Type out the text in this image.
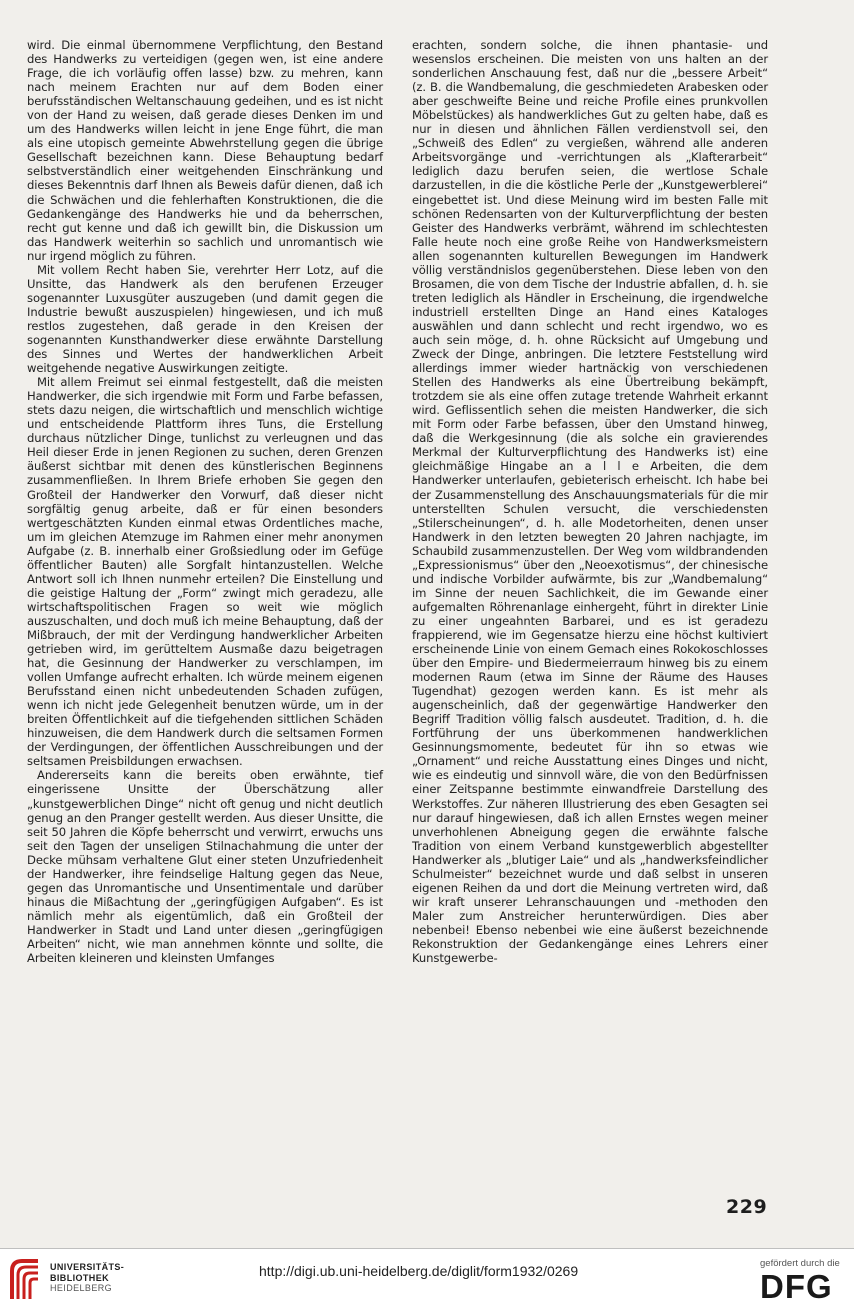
wird. Die einmal übernommene Verpflichtung, den Bestand des Handwerks zu verteidigen (gegen wen, ist eine andere Frage, die ich vorläufig offen lasse) bzw. zu mehren, kann nach meinem Erachten nur auf dem Boden einer berufsständischen Weltanschauung gedeihen, und es ist nicht von der Hand zu weisen, daß gerade dieses Denken im und um des Handwerks willen leicht in jene Enge führt, die man als eine utopisch gemeinte Abwehrstellung gegen die übrige Gesellschaft bezeichnen kann. Diese Behauptung bedarf selbstverständlich einer weitgehenden Einschränkung und dieses Bekenntnis darf Ihnen als Beweis dafür dienen, daß ich die Schwächen und die fehlerhaften Konstruktionen, die die Gedankengänge des Handwerks hie und da beherrschen, recht gut kenne und daß ich gewillt bin, die Diskussion um das Handwerk weiterhin so sachlich und unromantisch wie nur irgend möglich zu führen.

Mit vollem Recht haben Sie, verehrter Herr Lotz, auf die Unsitte, das Handwerk als den berufenen Erzeuger sogenannter Luxusgüter auszugeben (und damit gegen die Industrie bewußt auszuspielen) hingewiesen, und ich muß restlos zugestehen, daß gerade in den Kreisen der sogenannten Kunsthandwerker diese erwähnte Darstellung des Sinnes und Wertes der handwerklichen Arbeit weitgehende negative Auswirkungen zeitigte.

Mit allem Freimut sei einmal festgestellt, daß die meisten Handwerker, die sich irgendwie mit Form und Farbe befassen, stets dazu neigen, die wirtschaftlich und menschlich wichtige und entscheidende Plattform ihres Tuns, die Erstellung durchaus nützlicher Dinge, tunlichst zu verleugnen und das Heil dieser Erde in jenen Regionen zu suchen, deren Grenzen äußerst sichtbar mit denen des künstlerischen Beginnens zusammenfließen. In Ihrem Briefe erhoben Sie gegen den Großteil der Handwerker den Vorwurf, daß dieser nicht sorgfältig genug arbeite, daß er für einen besonders wertgeschätzten Kunden einmal etwas Ordentliches mache, um im gleichen Atemzuge im Rahmen einer mehr anonymen Aufgabe (z. B. innerhalb einer Großsiedlung oder im Gefüge öffentlicher Bauten) alle Sorgfalt hintanzustellen. Welche Antwort soll ich Ihnen nunmehr erteilen? Die Einstellung und die geistige Haltung der „Form“ zwingt mich geradezu, alle wirtschaftspolitischen Fragen so weit wie möglich auszuschalten, und doch muß ich meine Behauptung, daß der Mißbrauch, der mit der Verdingung handwerklicher Arbeiten getrieben wird, im gerütteltem Ausmaße dazu beigetragen hat, die Gesinnung der Handwerker zu verschlampen, im vollen Umfange aufrecht erhalten. Ich würde meinem eigenen Berufsstand einen nicht unbedeutenden Schaden zufügen, wenn ich nicht jede Gelegenheit benutzen würde, um in der breiten Öffentlichkeit auf die tiefgehenden sittlichen Schäden hinzuweisen, die dem Handwerk durch die seltsamen Formen der Verdingungen, der öffentlichen Ausschreibungen und der seltsamen Preisbildungen erwachsen.

Andererseits kann die bereits oben erwähnte, tief eingerissene Unsitte der Überschätzung aller „kunstgewerblichen Dinge“ nicht oft genug und nicht deutlich genug an den Pranger gestellt werden. Aus dieser Unsitte, die seit 50 Jahren die Köpfe beherrscht und verwirrt, erwuchs uns seit den Tagen der unseligen Stilnachahmung die unter der Decke mühsam verhaltene Glut einer steten Unzufriedenheit der Handwerker, ihre feindselige Haltung gegen das Neue, gegen das Unromantische und Unsentimentale und darüber hinaus die Mißachtung der „geringfügigen Aufgaben“. Es ist nämlich mehr als eigentümlich, daß ein Großteil der Handwerker in Stadt und Land unter diesen „geringfügigen Arbeiten“ nicht, wie man annehmen könnte und sollte, die Arbeiten kleineren und kleinsten Umfanges

erachten, sondern solche, die ihnen phantasie- und wesenslos erscheinen. Die meisten von uns halten an der sonderlichen Anschauung fest, daß nur die „bessere Arbeit“ (z. B. die Wandbemalung, die geschmiedeten Arabesken oder aber geschweifte Beine und reiche Profile eines prunkvollen Möbelstückes) als handwerkliches Gut zu gelten habe, daß es nur in diesen und ähnlichen Fällen verdienstvoll sei, den „Schweiß des Edlen“ zu vergießen, während alle anderen Arbeitsvorgänge und -verrichtungen als „Klafterarbeit“ lediglich dazu berufen seien, die wertlose Schale darzustellen, in die die köstliche Perle der „Kunstgewerblerei“ eingebettet ist. Und diese Meinung wird im besten Falle mit schönen Redensarten von der Kulturverpflichtung der besten Geister des Handwerks verbrämt, während im schlechtesten Falle heute noch eine große Reihe von Handwerksmeistern allen sogenannten kulturellen Bewegungen im Handwerk völlig verständnislos gegenüberstehen. Diese leben von den Brosamen, die von dem Tische der Industrie abfallen, d. h. sie treten lediglich als Händler in Erscheinung, die irgendwelche industriell erstellten Dinge an Hand eines Kataloges auswählen und dann schlecht und recht irgendwo, wo es auch sein möge, d. h. ohne Rücksicht auf Umgebung und Zweck der Dinge, anbringen. Die letztere Feststellung wird allerdings immer wieder hartnäckig von verschiedenen Stellen des Handwerks als eine Übertreibung bekämpft, trotzdem sie als eine offen zutage tretende Wahrheit erkannt wird. Geflissentlich sehen die meisten Handwerker, die sich mit Form oder Farbe befassen, über den Umstand hinweg, daß die Werkgesinnung (die als solche ein gravierendes Merkmal der Kulturverpflichtung des Handwerks ist) eine gleichmäßige Hingabe an a l l e Arbeiten, die dem Handwerker unterlaufen, gebieterisch erheischt. Ich habe bei der Zusammenstellung des Anschauungsmaterials für die mir unterstellten Schulen versucht, die verschiedensten „Stilerscheinungen“, d. h. alle Modetorheiten, denen unser Handwerk in den letzten bewegten 20 Jahren nachjagte, im Schaubild zusammenzustellen. Der Weg vom wildbrandenden „Expressionismus“ über den „Neoexotismus“, der chinesische und indische Vorbilder aufwärmte, bis zur „Wandbemalung“ im Sinne der neuen Sachlichkeit, die im Gewande einer aufgemalten Röhrenanlage einhergeht, führt in direkter Linie zu einer ungeahnten Barbarei, und es ist geradezu frappierend, wie im Gegensatze hierzu eine höchst kultiviert erscheinende Linie von einem Gemach eines Rokokoschlosses über den Empire- und Biedermeierraum hinweg bis zu einem modernen Raum (etwa im Sinne der Räume des Hauses Tugendhat) gezogen werden kann. Es ist mehr als augenscheinlich, daß der gegenwärtige Handwerker den Begriff Tradition völlig falsch ausdeutet. Tradition, d. h. die Fortführung der uns überkommenen handwerklichen Gesinnungsmomente, bedeutet für ihn so etwas wie „Ornament“ und reiche Ausstattung eines Dinges und nicht, wie es eindeutig und sinnvoll wäre, die von den Bedürfnissen einer Zeitspanne bestimmte einwandfreie Darstellung des Werkstoffes. Zur näheren Illustrierung des eben Gesagten sei nur darauf hingewiesen, daß ich allen Ernstes wegen meiner unverhohlenen Abneigung gegen die erwähnte falsche Tradition von einem Verband kunstgewerblich abgestellter Handwerker als „blutiger Laie“ und als „handwerksfeindlicher Schulmeister“ bezeichnet wurde und daß selbst in unseren eigenen Reihen da und dort die Meinung vertreten wird, daß wir kraft unserer Lehranschauungen und -methoden den Maler zum Anstreicher herunterwürdigen. Dies aber nebenbei! Ebenso nebenbei wie eine äußerst bezeichnende Rekonstruktion der Gedankengänge eines Lehrers einer Kunstgewerbe-

229
UNIVERSITÄTS-
BIBLIOTHEK
HEIDELBERG
http://digi.ub.uni-heidelberg.de/diglit/form1932/0269	gefördert durch die
DFG
